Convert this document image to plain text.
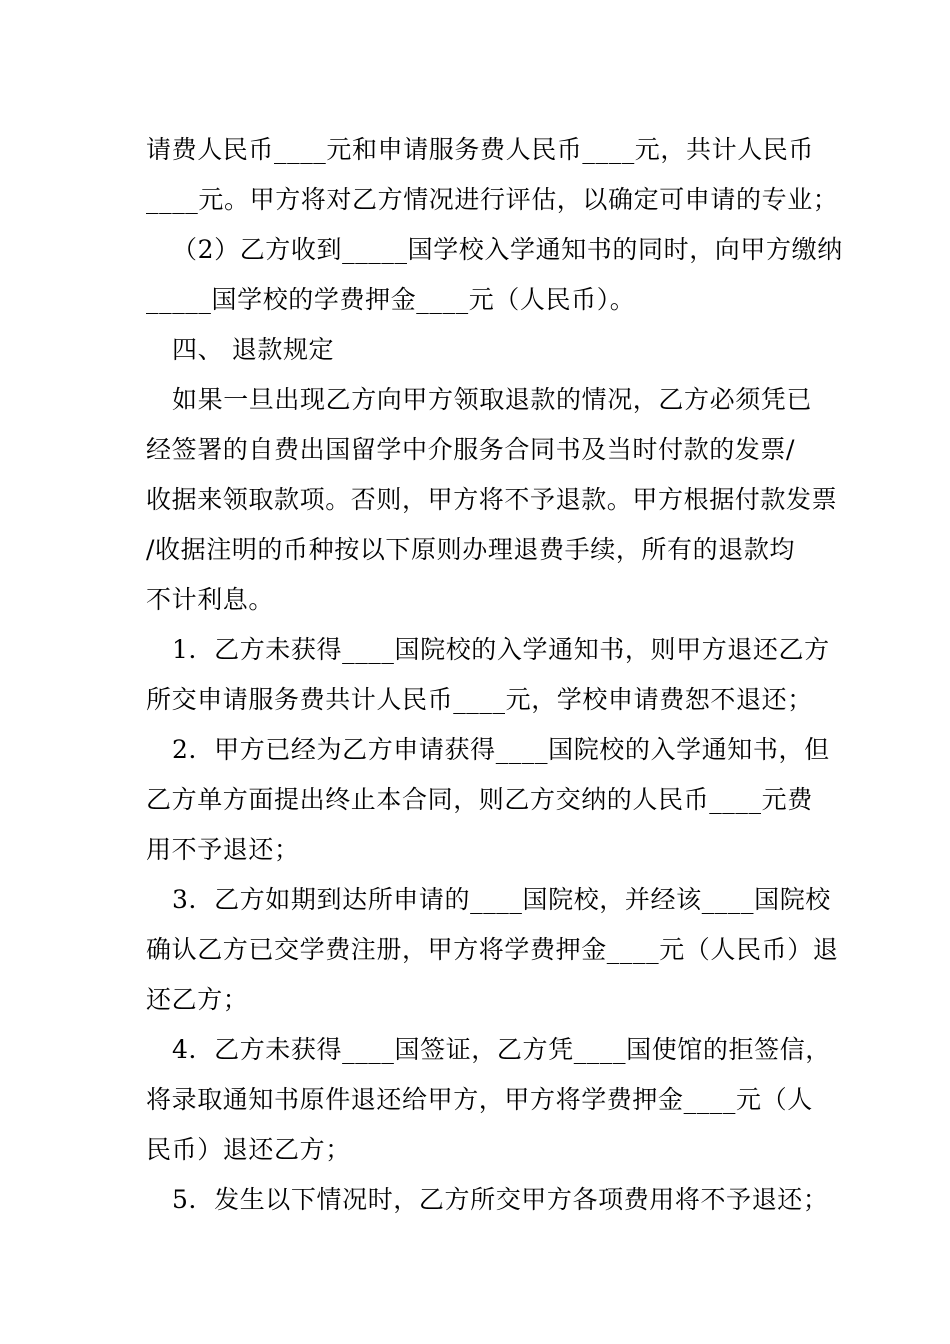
请费人民币____元和申请服务费人民币____元，共计人民币
____元。甲方将对乙方情况进行评估，以确定可申请的专业；
（2）乙方收到_____国学校入学通知书的同时，向甲方缴纳
_____国学校的学费押金____元（人民币）。
四、 退款规定
如果一旦出现乙方向甲方领取退款的情况，乙方必须凭已
经签署的自费出国留学中介服务合同书及当时付款的发票/
收据来领取款项。否则，甲方将不予退款。甲方根据付款发票
/收据注明的币种按以下原则办理退费手续，所有的退款均
不计利息。
1．乙方未获得____国院校的入学通知书，则甲方退还乙方
所交申请服务费共计人民币____元，学校申请费恕不退还；
2．甲方已经为乙方申请获得____国院校的入学通知书，但
乙方单方面提出终止本合同，则乙方交纳的人民币____元费
用不予退还；
3．乙方如期到达所申请的____国院校，并经该____国院校
确认乙方已交学费注册，甲方将学费押金____元（人民币）退
还乙方；
4．乙方未获得____国签证，乙方凭____国使馆的拒签信，
将录取通知书原件退还给甲方，甲方将学费押金____元（人
民币）退还乙方；
5．发生以下情况时，乙方所交甲方各项费用将不予退还；
